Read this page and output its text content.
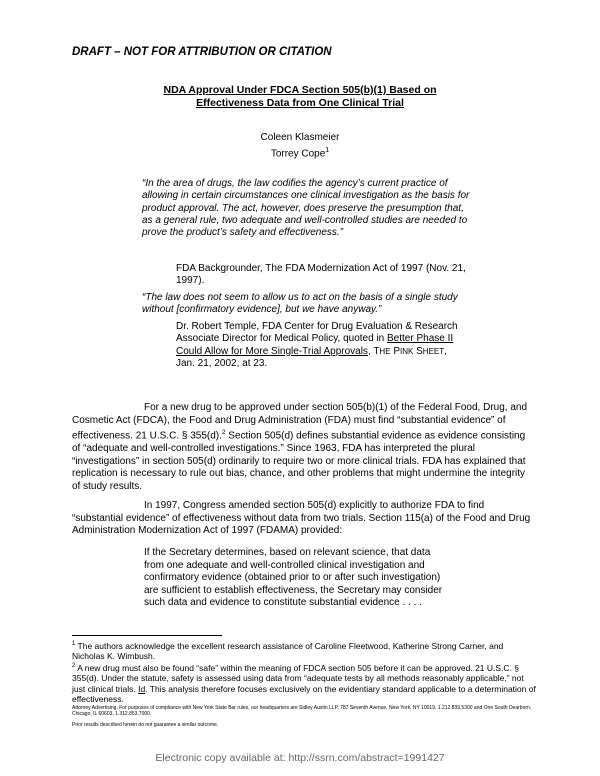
DRAFT – NOT FOR ATTRIBUTION OR CITATION
NDA Approval Under FDCA Section 505(b)(1) Based on
Effectiveness Data from One Clinical Trial
Coleen Klasmeier
Torrey Cope$^1$
“In the area of drugs, the law codifies the agency’s current practice of allowing in certain circumstances one clinical investigation as the basis for product approval. The act, however, does preserve the presumption that, as a general rule, two adequate and well-controlled studies are needed to prove the product’s safety and effectiveness.”
FDA Backgrounder, The FDA Modernization Act of 1997 (Nov. 21, 1997).
“The law does not seem to allow us to act on the basis of a single study without [confirmatory evidence], but we have anyway.”
Dr. Robert Temple, FDA Center for Drug Evaluation & Research Associate Director for Medical Policy, quoted in Better Phase II Could Allow for More Single-Trial Approvals, THE PINK SHEET, Jan. 21, 2002, at 23.

For a new drug to be approved under section 505(b)(1) of the Federal Food, Drug, and Cosmetic Act (FDCA), the Food and Drug Administration (FDA) must find “substantial evidence” of effectiveness. 21 U.S.C. § 355(d).$^2$ Section 505(d) defines substantial evidence as evidence consisting of “adequate and well-controlled investigations.” Since 1963, FDA has interpreted the plural “investigations” in section 505(d) ordinarily to require two or more clinical trials. FDA has explained that replication is necessary to rule out bias, chance, and other problems that might undermine the integrity of study results.

In 1997, Congress amended section 505(d) explicitly to authorize FDA to find “substantial evidence” of effectiveness without data from two trials. Section 115(a) of the Food and Drug Administration Modernization Act of 1997 (FDAMA) provided:

If the Secretary determines, based on relevant science, that data from one adequate and well-controlled clinical investigation and confirmatory evidence (obtained prior to or after such investigation) are sufficient to establish effectiveness, the Secretary may consider such data and evidence to constitute substantial evidence . . . .
$^1$ The authors acknowledge the excellent research assistance of Caroline Fleetwood, Katherine Strong Carner, and Nicholas K. Wimbush.
$^2$ A new drug must also be found “safe” within the meaning of FDCA section 505 before it can be approved. 21 U.S.C. § 355(d). Under the statute, safety is assessed using data from “adequate tests by all methods reasonably applicable,” not just clinical trials. Id. This analysis therefore focuses exclusively on the evidentiary standard applicable to a determination of effectiveness.
Attorney Advertising. For purposes of compliance with New York State Bar rules, our headquarters are Sidley Austin LLP, 787 Seventh Avenue, New York, NY 10019, 1.212.839.5300 and One South Dearborn, Chicago, IL 60603, 1.312.853.7000.
Prior results described herein do not guarantee a similar outcome.
Electronic copy available at: http://ssrn.com/abstract=1991427
